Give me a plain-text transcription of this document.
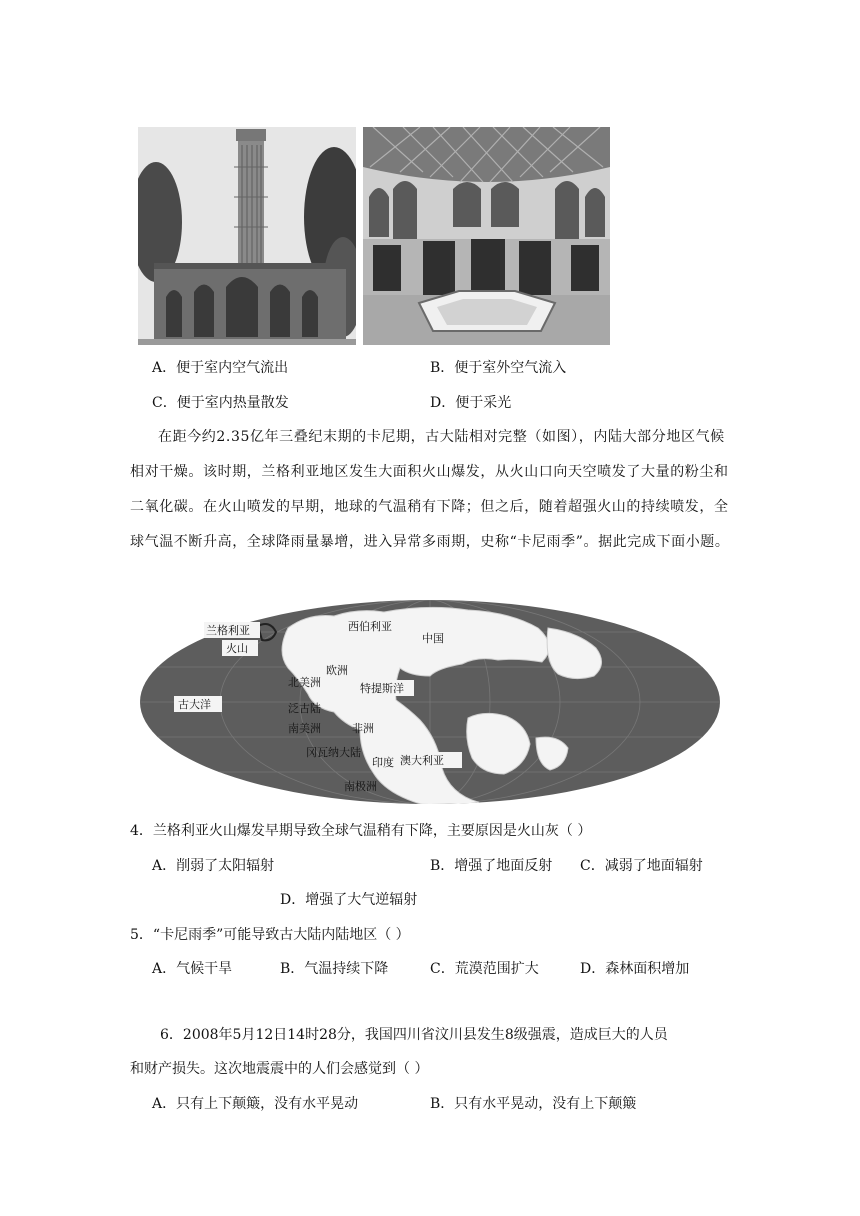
A．便于室内空气流出	B．便于室外空气流入
C．便于室内热量散发	D．便于采光
在距今约2.35亿年三叠纪末期的卡尼期，古大陆相对完整（如图），内陆大部分地区气候相对干燥。该时期，兰格利亚地区发生大面积火山爆发，从火山口向天空喷发了大量的粉尘和二氧化碳。在火山喷发的早期，地球的气温稍有下降；但之后，随着超强火山的持续喷发，全球气温不断升高，全球降雨量暴增，进入异常多雨期，史称“卡尼雨季”。据此完成下面小题。
兰格利亚
火山
西伯利亚
中国
欧洲
北美洲	特提斯洋
古大洋	泛古陆
南美洲	非洲
冈瓦纳大陆
印度 澳大利亚
南极洲
4．兰格利亚火山爆发早期导致全球气温稍有下降，主要原因是火山灰（ ）
A．削弱了太阳辐射	B．增强了地面反射 C．减弱了地面辐射
D．增强了大气逆辐射
5．“卡尼雨季”可能导致古大陆内陆地区（ ）
A．气候干旱	B．气温持续下降	C．荒漠范围扩大	D．森林面积增加
6．2008年5月12日14时28分，我国四川省汶川县发生8级强震，造成巨大的人员
和财产损失。这次地震震中的人们会感觉到（ ）
A．只有上下颠簸，没有水平晃动	B．只有水平晃动，没有上下颠簸
